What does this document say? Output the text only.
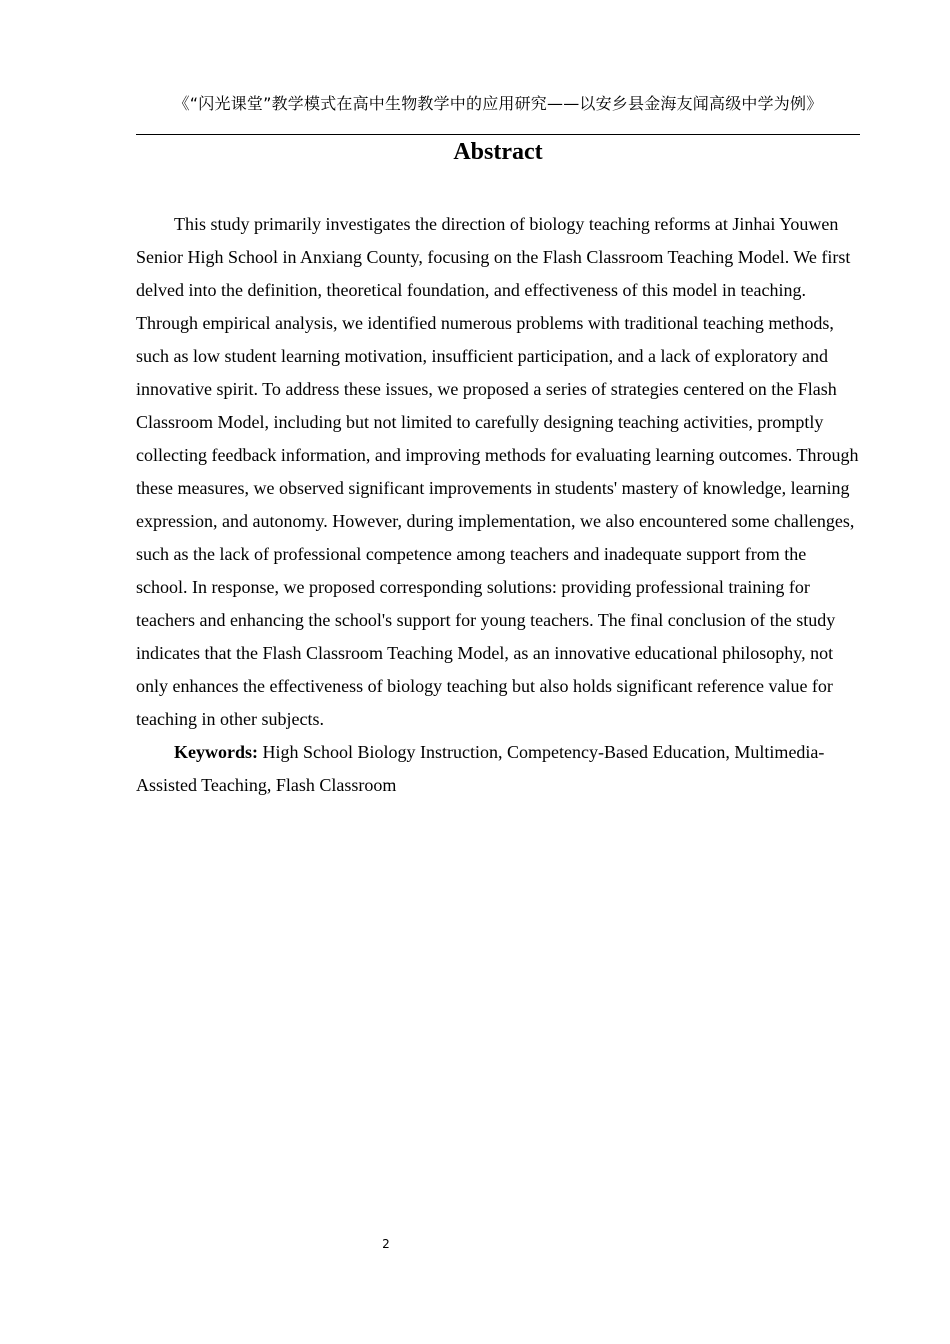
《“闪光课堂”教学模式在高中生物教学中的应用研究——以安乡县金海友闻高级中学为例》
Abstract

This study primarily investigates the direction of biology teaching reforms at Jinhai Youwen Senior High School in Anxiang County, focusing on the Flash Classroom Teaching Model. We first delved into the definition, theoretical foundation, and effectiveness of this model in teaching. Through empirical analysis, we identified numerous problems with traditional teaching methods, such as low student learning motivation, insufficient participation, and a lack of exploratory and innovative spirit. To address these issues, we proposed a series of strategies centered on the Flash Classroom Model, including but not limited to carefully designing teaching activities, promptly collecting feedback information, and improving methods for evaluating learning outcomes. Through these measures, we observed significant improvements in students' mastery of knowledge, learning expression, and autonomy. However, during implementation, we also encountered some challenges, such as the lack of professional competence among teachers and inadequate support from the school. In response, we proposed corresponding solutions: providing professional training for teachers and enhancing the school's support for young teachers. The final conclusion of the study indicates that the Flash Classroom Teaching Model, as an innovative educational philosophy, not only enhances the effectiveness of biology teaching but also holds significant reference value for teaching in other subjects.

Keywords: High School Biology Instruction, Competency-Based Education, Multimedia-Assisted Teaching, Flash Classroom

2
